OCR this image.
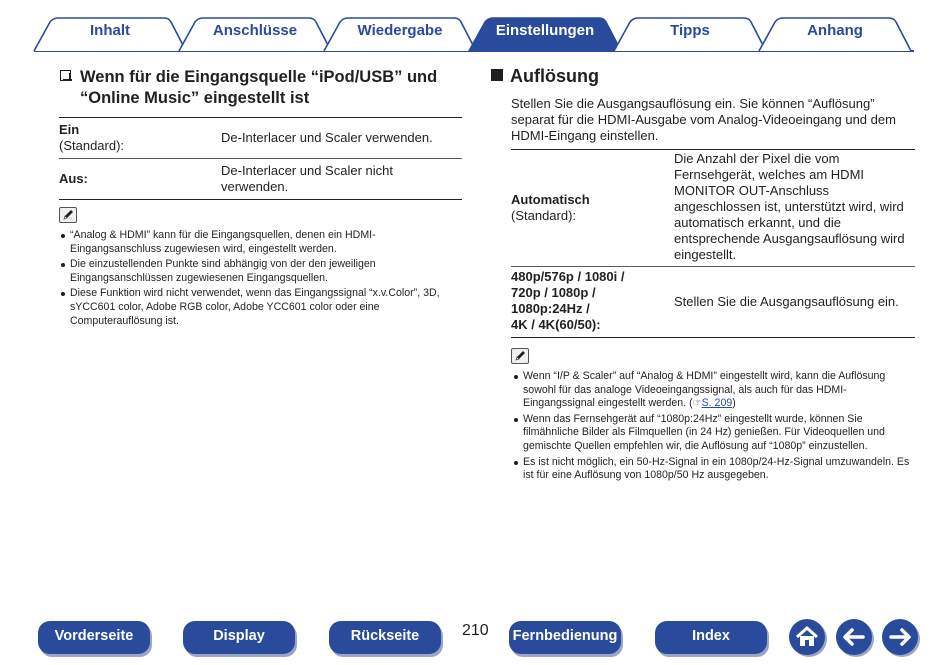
Inhalt	Anschlüsse	Wiedergabe	Einstellungen	Tipps	Anhang
Wenn für die Eingangsquelle “iPod/USB” und
“Online Music” eingestellt ist
Ein
(Standard):	De-Interlacer und Scaler verwenden.
Aus:	De-Interlacer und Scaler nicht
verwenden.
“Analog & HDMI” kann für die Eingangsquellen, denen ein HDMI-Eingangsanschluss zugewiesen wird, eingestellt werden.
Die einzustellenden Punkte sind abhängig von der den jeweiligen Eingangsanschlüssen zugewiesenen Eingangsquellen.
Diese Funktion wird nicht verwendet, wenn das Eingangssignal “x.v.Color”, 3D, sYCC601 color, Adobe RGB color, Adobe YCC601 color oder eine Computerauflösung ist.
Auflösung
Stellen Sie die Ausgangsauflösung ein. Sie können “Auflösung” separat für die HDMI-Ausgabe vom Analog-Videoeingang und dem HDMI-Eingang einstellen.
Automatisch
(Standard):	Die Anzahl der Pixel die vom Fernsehgerät, welches am HDMI MONITOR OUT-Anschluss angeschlossen ist, unterstützt wird, wird automatisch erkannt, und die entsprechende Ausgangsauflösung wird eingestellt.

480p/576p / 1080i /
720p / 1080p /
1080p:24Hz /
4K / 4K(60/50):	Stellen Sie die Ausgangsauflösung ein.
Wenn “I/P & Scaler” auf “Analog & HDMI” eingestellt wird, kann die Auflösung sowohl für das analoge Videoeingangssignal, als auch für das HDMI-Eingangssignal eingestellt werden. (☞S. 209)
Wenn das Fernsehgerät auf “1080p:24Hz” eingestellt wurde, können Sie filmähnliche Bilder als Filmquellen (in 24 Hz) genießen. Für Videoquellen und gemischte Quellen empfehlen wir, die Auflösung auf “1080p” einzustellen.
Es ist nicht möglich, ein 50-Hz-Signal in ein 1080p/24-Hz-Signal umzuwandeln. Es ist für eine Auflösung von 1080p/50 Hz ausgegeben.
Vorderseite	Display	Rückseite	210 Fernbedienung	Index
